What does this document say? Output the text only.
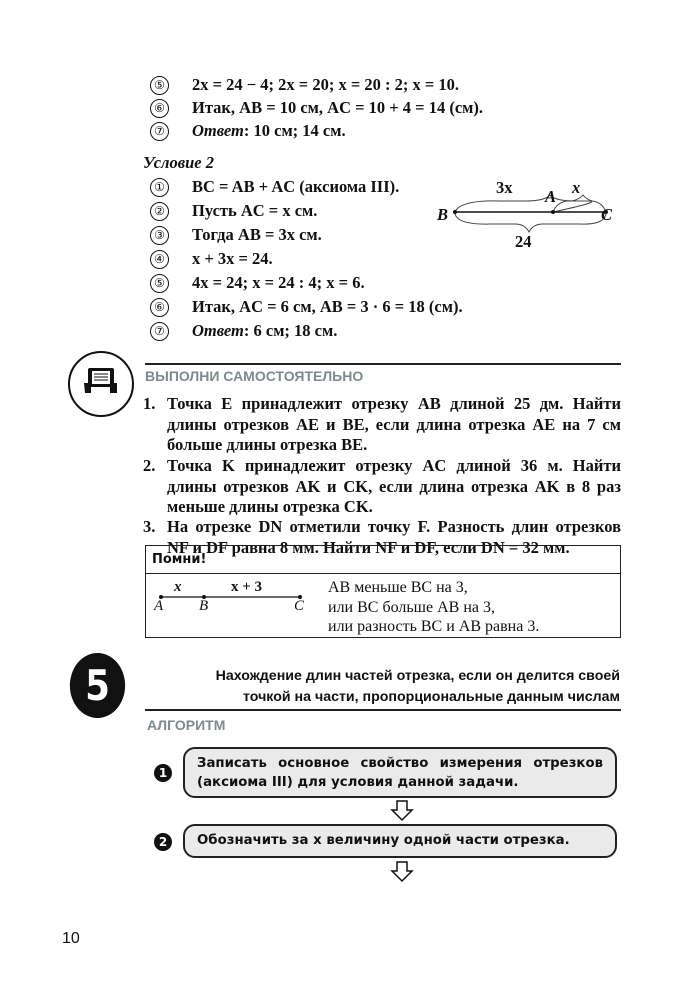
⑤ 2x = 24 − 4; 2x = 20; x = 20 : 2; x = 10.
⑥ Итак, AB = 10 см, AC = 10 + 4 = 14 (см).
⑦ Ответ: 10 см; 14 см.
Условие 2
① BC = AB + AC (аксиома III).
② Пусть AC = x см.
③ Тогда AB = 3x см.
④ x + 3x = 24.
⑤ 4x = 24; x = 24 : 4; x = 6.
⑥ Итак, AC = 6 см, AB = 3 · 6 = 18 (см).
⑦ Ответ: 6 см; 18 см.
B
A
C
3x	x
24
ВЫПОЛНИ САМОСТОЯТЕЛЬНО
1. Точка E принадлежит отрезку AB длиной 25 дм. Найти длины отрезков AE и BE, если длина отрезка AE на 7 см больше длины отрезка BE.
2. Точка K принадлежит отрезку AC длиной 36 м. Найти длины отрезков AK и CK, если длина отрезка AK в 8 раз меньше длины отрезка CK.
3. На отрезке DN отметили точку F. Разность длин отрезков NF и DF равна 8 мм. Найти NF и DF, если DN = 32 мм.
Помни!
x	x + 3
A B	C
AB меньше BC на 3,
или BC больше AB на 3,
или разность BC и AB равна 3.
5	Нахождение длин частей отрезка, если он делится своей
точкой на части, пропорциональные данным числам
АЛГОРИТМ
1
Записать основное свойство измерения отрезков (аксиома III) для условия данной задачи.
2	Обозначить за x величину одной части отрезка.
10
